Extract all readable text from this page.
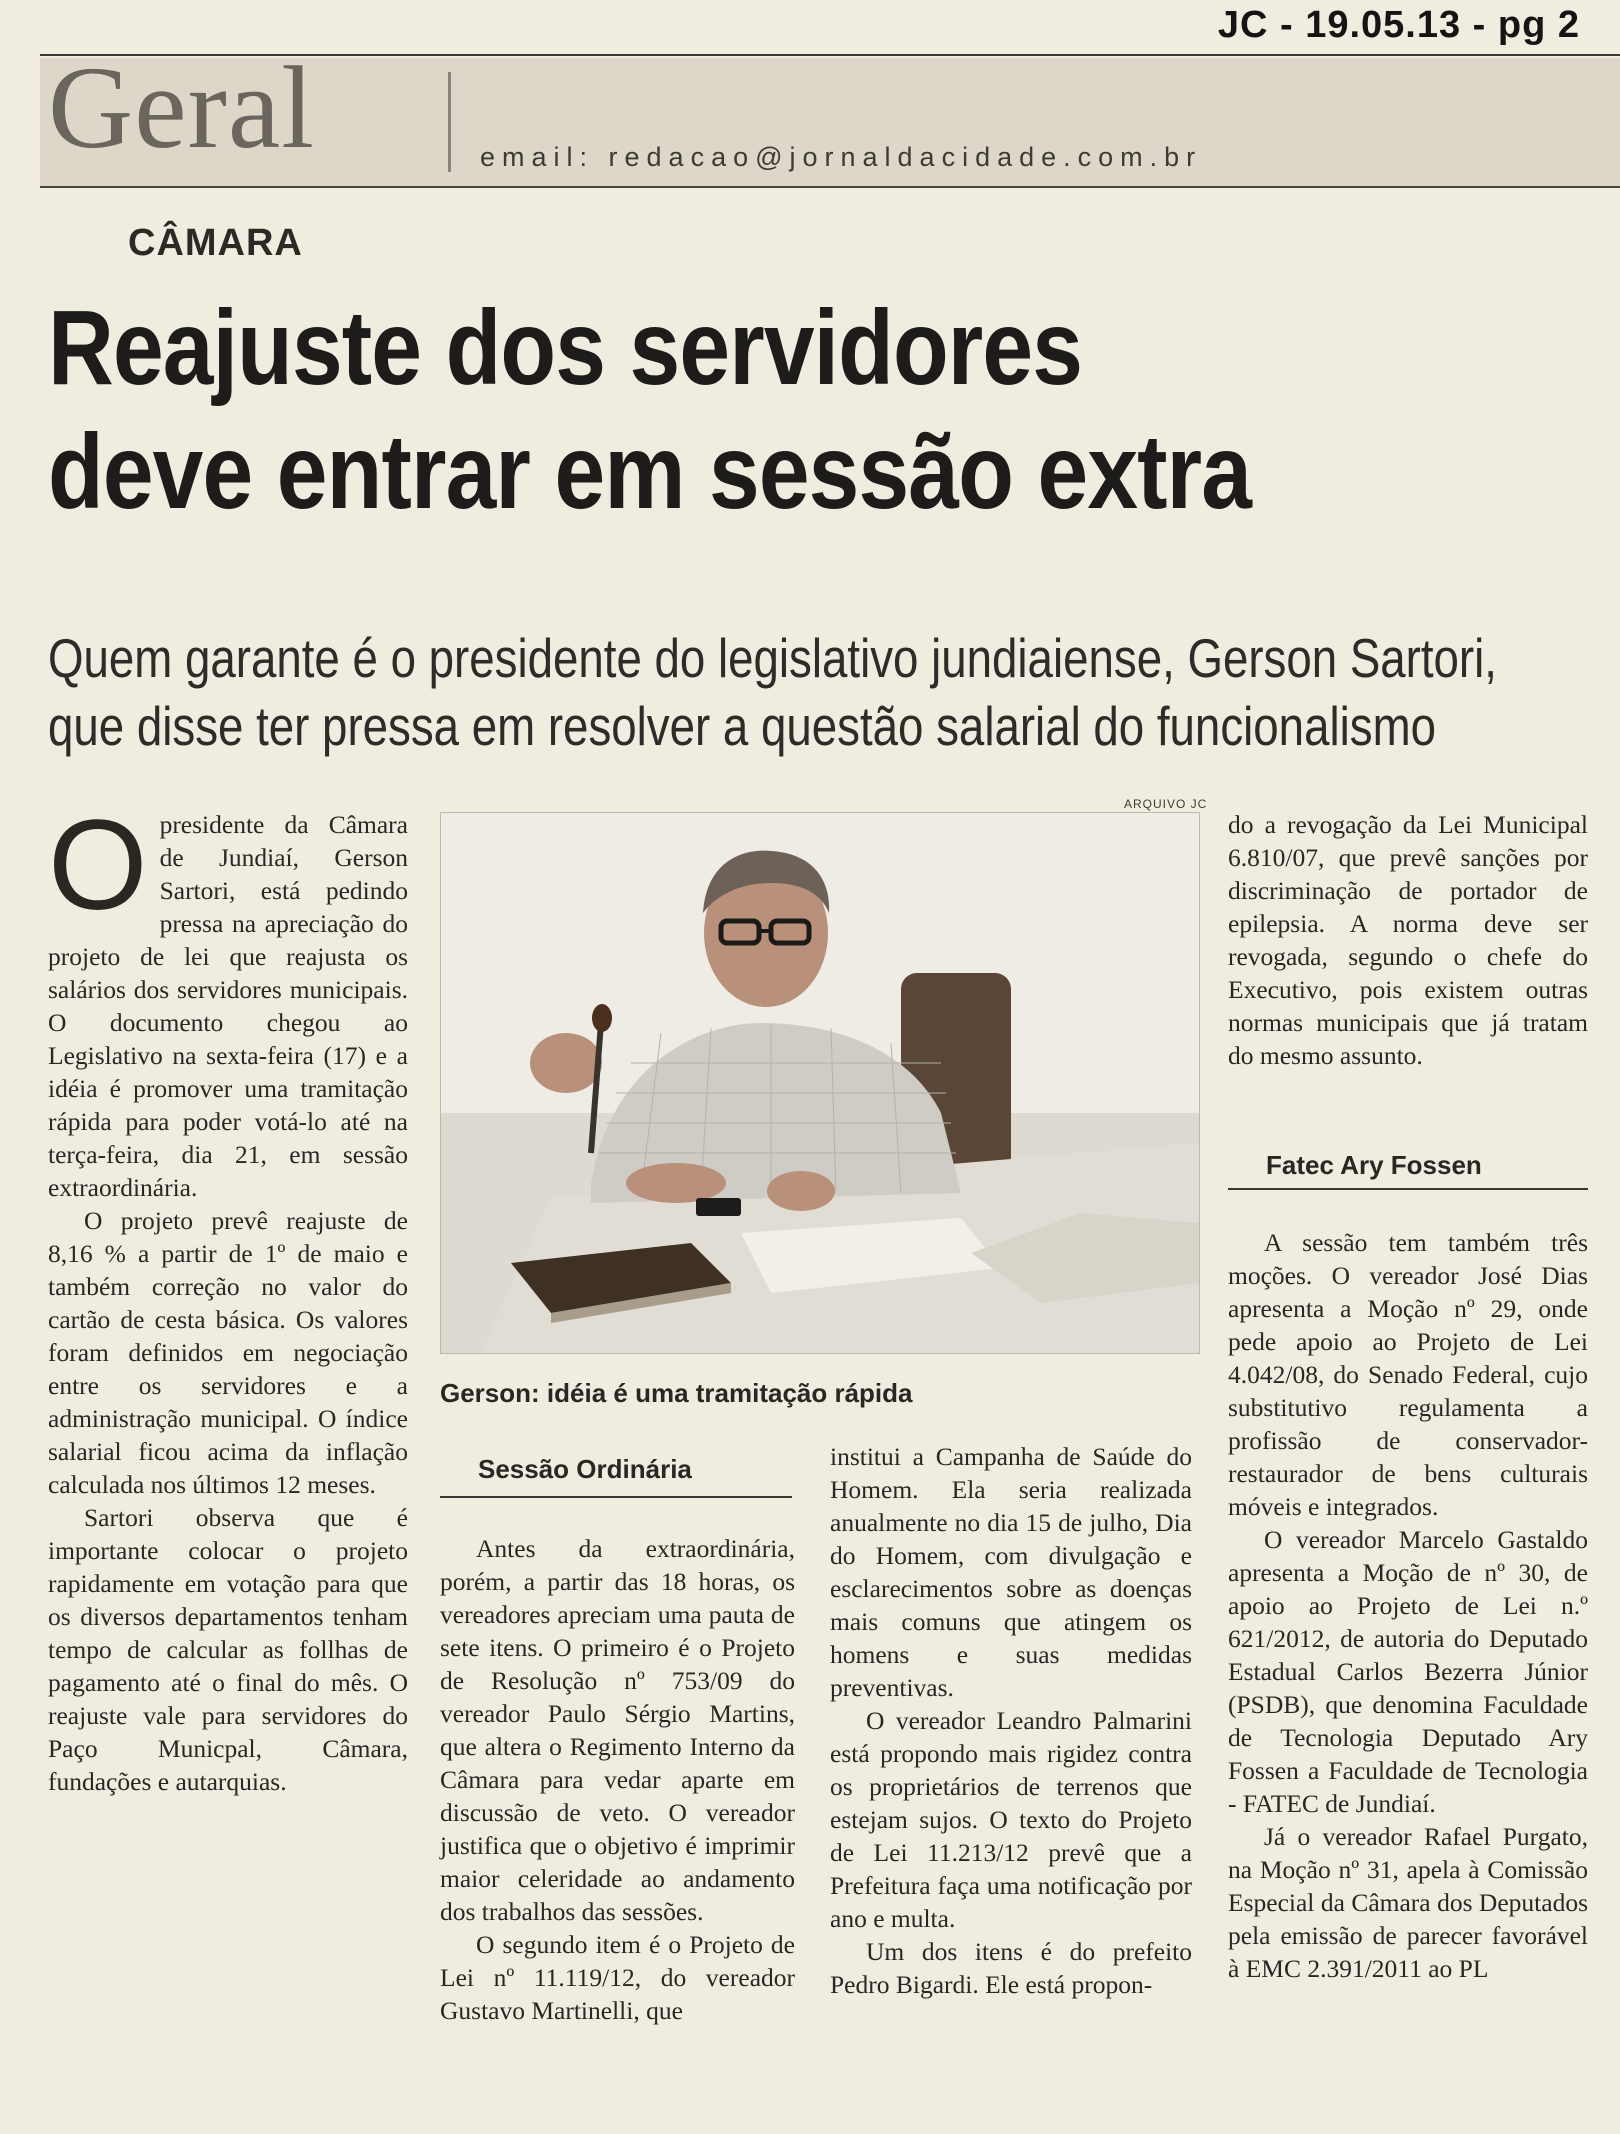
JC - 19.05.13 - pg 2
Geral	email: redacao@jornaldacidade.com.br
CÂMARA
Reajuste dos servidores
deve entrar em sessão extra
Quem garante é o presidente do legislativo jundiaiense, Gerson Sartori,
que disse ter pressa em resolver a questão salarial do funcionalismo

Opresidente da Câmara de Jundiaí, Gerson Sartori, está pedindo pressa na apreciação do projeto de lei que reajusta os salários dos servidores municipais. O documento chegou ao Legislativo na sexta-feira (17) e a idéia é promover uma tramitação rápida para poder votá-lo até na terça-feira, dia 21, em sessão extraordinária.

O projeto prevê reajuste de 8,16 % a partir de 1º de maio e também correção no valor do cartão de cesta básica. Os valores foram definidos em negociação entre os servidores e a administração municipal. O índice salarial ficou acima da inflação calculada nos últimos 12 meses.

Sartori observa que é importante colocar o projeto rapidamente em votação para que os diversos departamentos tenham tempo de calcular as follhas de pagamento até o final do mês. O reajuste vale para servidores do Paço Municpal, Câmara, fundações e autarquias.

ARQUIVO JC
Gerson: idéia é uma tramitação rápida
Sessão Ordinária

Antes da extraordinária, porém, a partir das 18 horas, os vereadores apreciam uma pauta de sete itens. O primeiro é o Projeto de Resolução nº 753/09 do vereador Paulo Sérgio Martins, que altera o Regimento Interno da Câmara para vedar aparte em discussão de veto. O vereador justifica que o objetivo é imprimir maior celeridade ao andamento dos trabalhos das sessões.

O segundo item é o Projeto de Lei nº 11.119/12, do vereador Gustavo Martinelli, que

institui a Campanha de Saúde do Homem. Ela seria realizada anualmente no dia 15 de julho, Dia do Homem, com divulgação e esclarecimentos sobre as doenças mais comuns que atingem os homens e suas medidas preventivas.

O vereador Leandro Palmarini está propondo mais rigidez contra os proprietários de terrenos que estejam sujos. O texto do Projeto de Lei 11.213/12 prevê que a Prefeitura faça uma notificação por ano e multa.

Um dos itens é do prefeito Pedro Bigardi. Ele está propon-

do a revogação da Lei Municipal 6.810/07, que prevê sanções por discriminação de portador de epilepsia. A norma deve ser revogada, segundo o chefe do Executivo, pois existem outras normas municipais que já tratam do mesmo assunto.

Fatec Ary Fossen

A sessão tem também três moções. O vereador José Dias apresenta a Moção nº 29, onde pede apoio ao Projeto de Lei 4.042/08, do Senado Federal, cujo substitutivo regulamenta a profissão de conservador-restaurador de bens culturais móveis e integrados.

O vereador Marcelo Gastaldo apresenta a Moção de nº 30, de apoio ao Projeto de Lei n.º 621/2012, de autoria do Deputado Estadual Carlos Bezerra Júnior (PSDB), que denomina Faculdade de Tecnologia Deputado Ary Fossen a Faculdade de Tecnologia - FATEC de Jundiaí.

Já o vereador Rafael Purgato, na Moção nº 31, apela à Comissão Especial da Câmara dos Deputados pela emissão de parecer favorável à EMC 2.391/2011 ao PL
